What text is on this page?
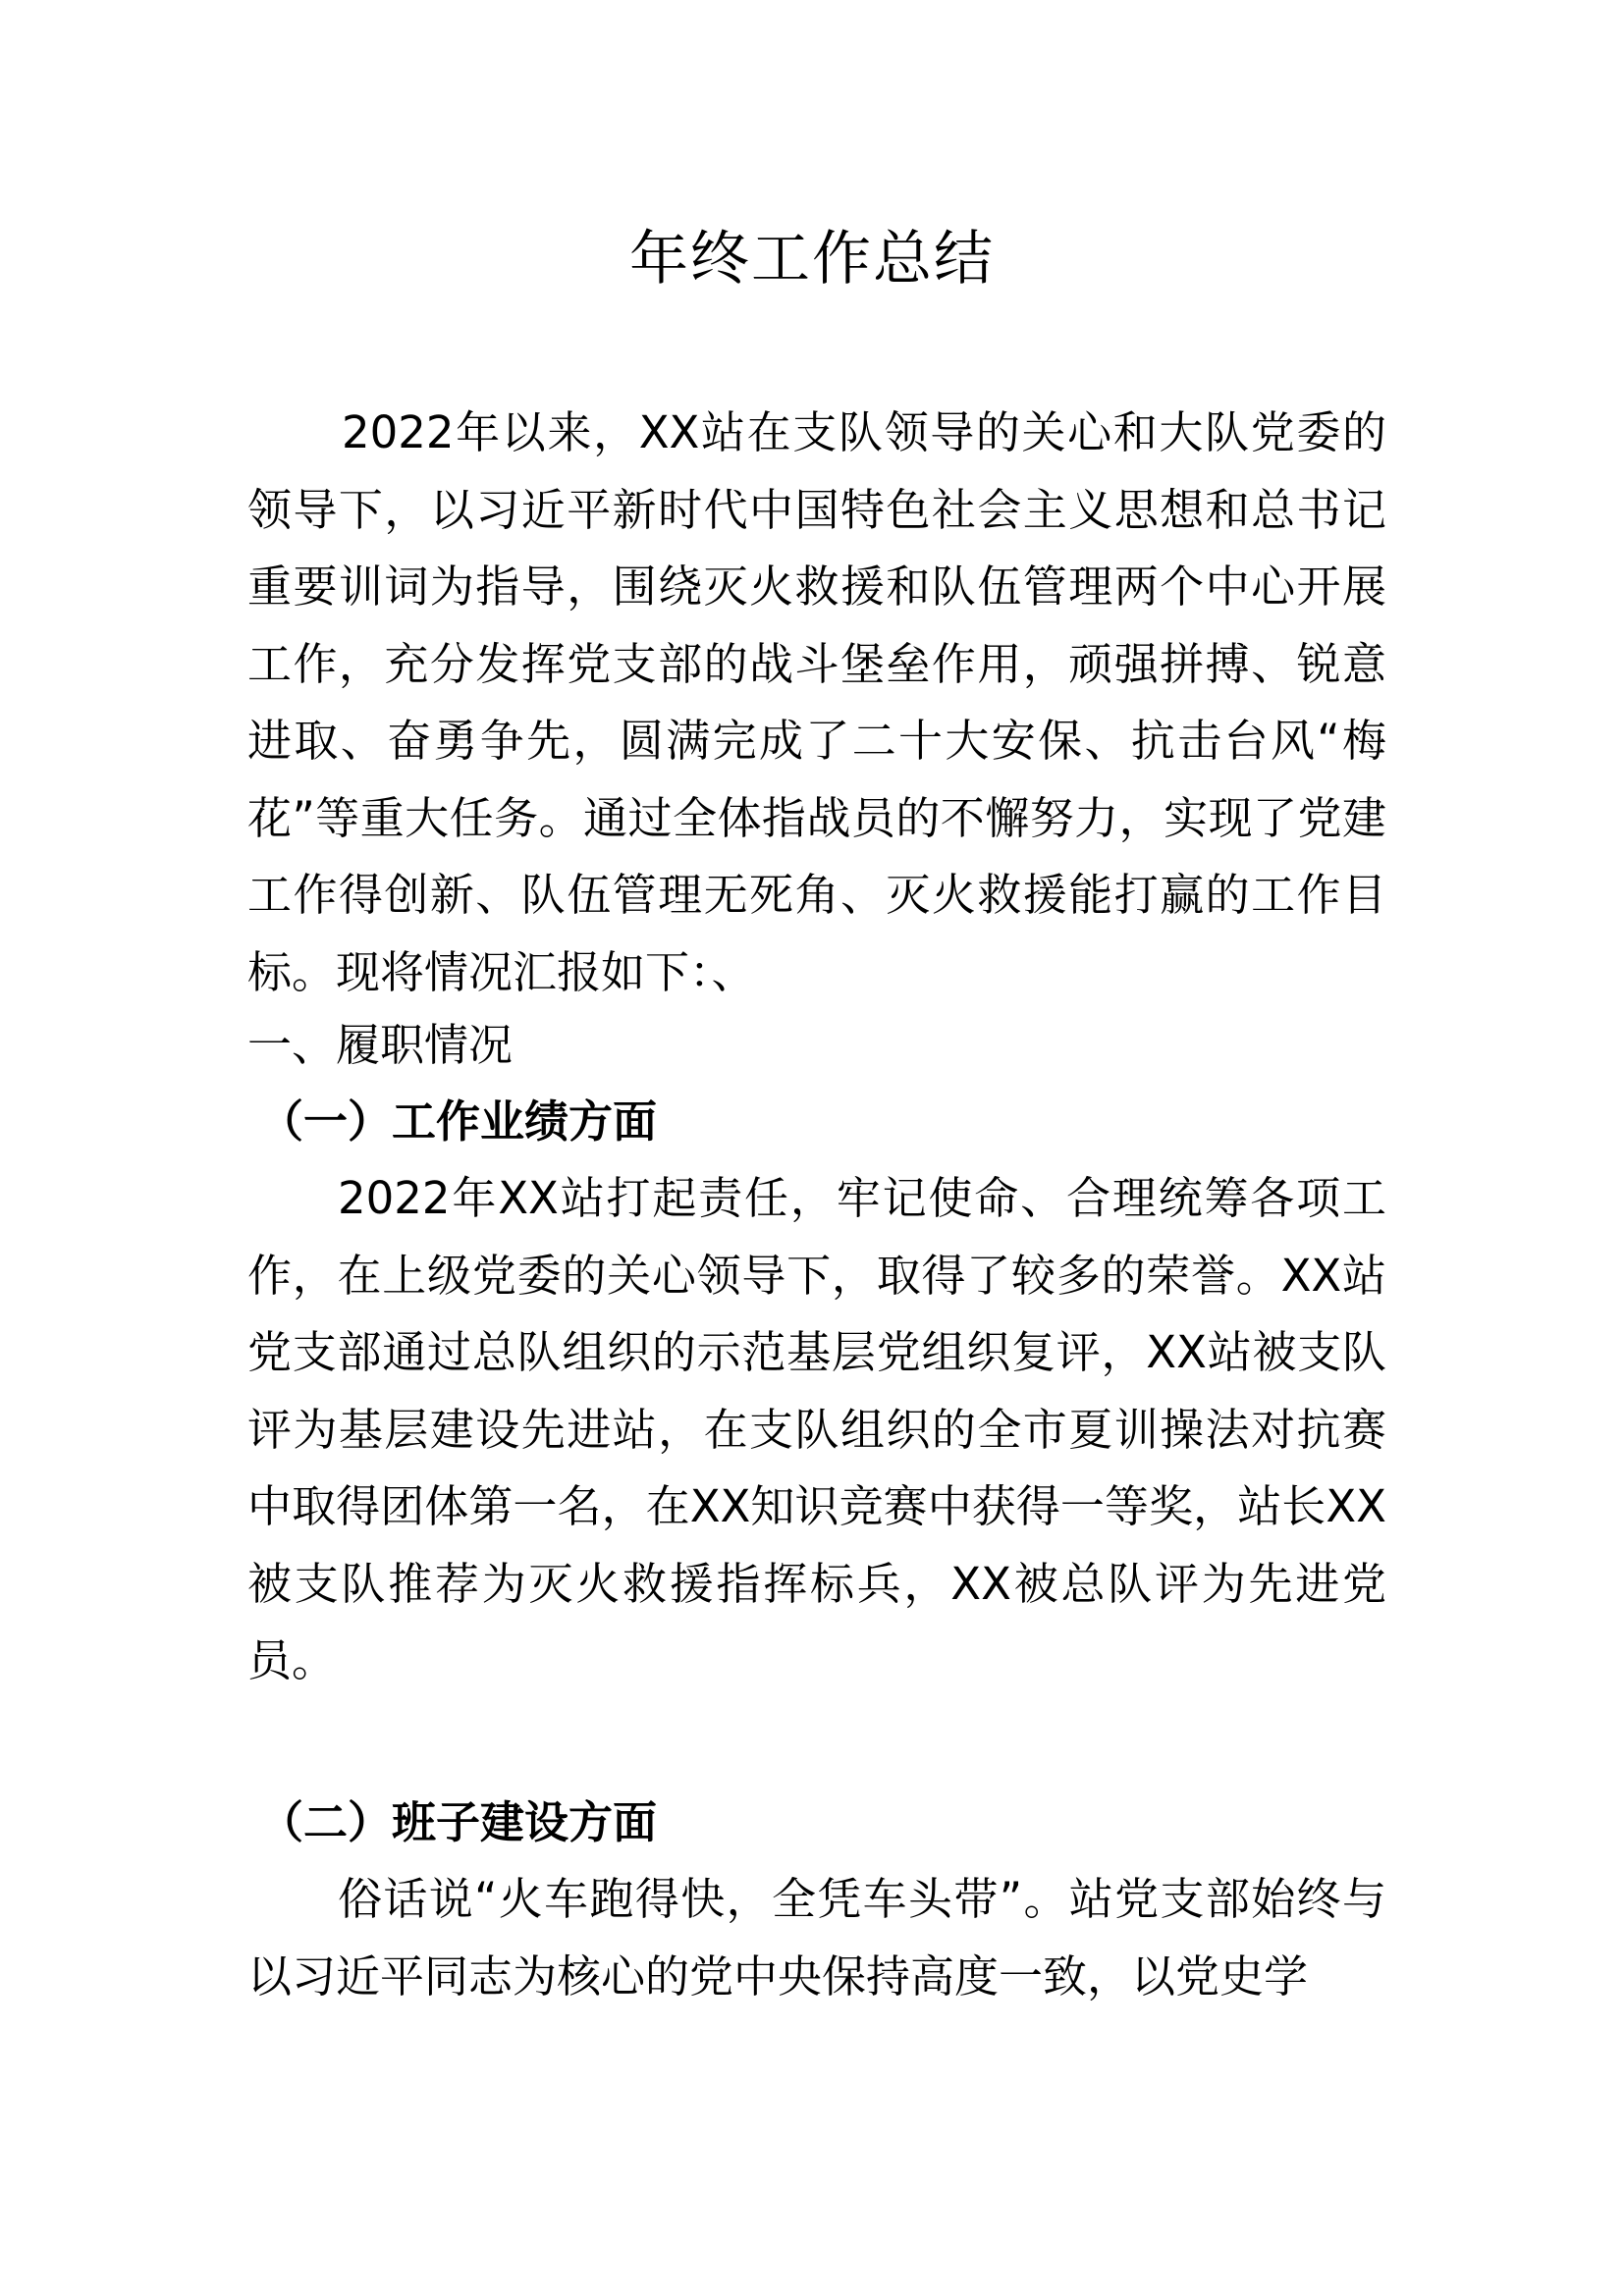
年终工作总结
2022年以来，XX站在支队领导的关心和大队党委的领导下，以习近平新时代中国特色社会主义思想和总书记重要训词为指导，围绕灭火救援和队伍管理两个中心开展工作，充分发挥党支部的战斗堡垒作用，顽强拼搏、锐意进取、奋勇争先，圆满完成了二十大安保、抗击台风“梅花”等重大任务。通过全体指战员的不懈努力，实现了党建工作得创新、队伍管理无死角、灭火救援能打赢的工作目标。现将情况汇报如下：、
一、履职情况
（一）工作业绩方面
2022年XX站打起责任，牢记使命、合理统筹各项工作，在上级党委的关心领导下，取得了较多的荣誉。XX站党支部通过总队组织的示范基层党组织复评，XX站被支队评为基层建设先进站，在支队组织的全市夏训操法对抗赛中取得团体第一名，在XX知识竞赛中获得一等奖，站长XX被支队推荐为灭火救援指挥标兵，XX被总队评为先进党员。
（二）班子建设方面
俗话说“火车跑得快，全凭车头带”。站党支部始终与以习近平同志为核心的党中央保持高度一致，以党史学
